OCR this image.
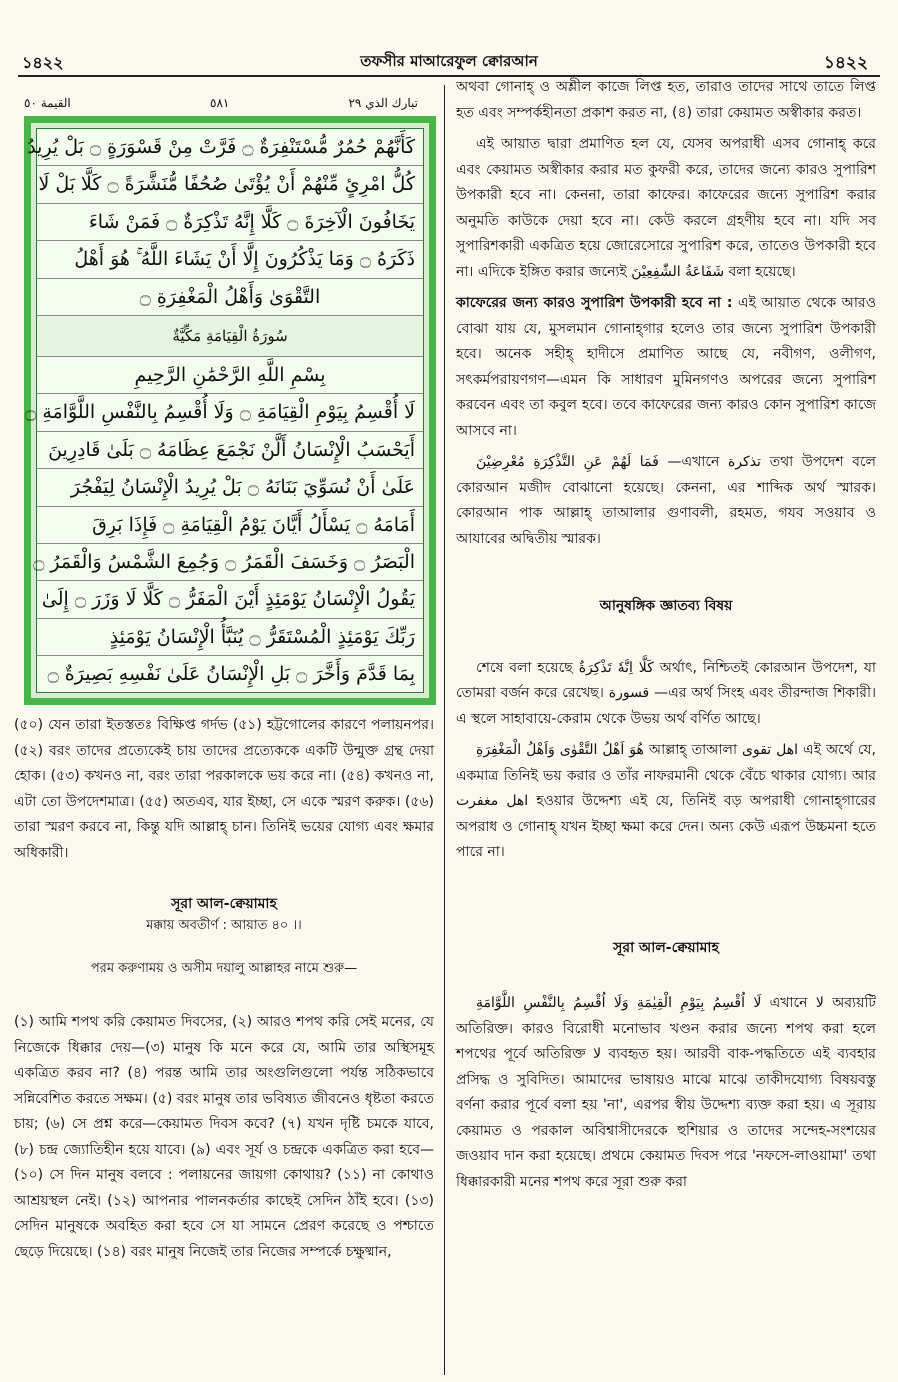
১৪২২	তফসীর মাআরেফুল ক্বোরআন	১৪২২
تبارك الذي ٢٩
٥٨١
القيمة ٥٠
كَأَنَّهُمْ حُمُرٌ مُّسْتَنْفِرَةٌ ۝ فَرَّتْ مِنْ قَسْوَرَةٍ ۝ بَلْ يُرِيدُ
كُلُّ امْرِئٍ مِّنْهُمْ أَنْ يُؤْتَىٰ صُحُفًا مُّنَشَّرَةً ۝ كَلَّا بَلْ لَا
يَخَافُونَ الْآخِرَةَ ۝ كَلَّا إِنَّهُ تَذْكِرَةٌ ۝ فَمَنْ شَاءَ
ذَكَرَهُ ۝ وَمَا يَذْكُرُونَ إِلَّا أَنْ يَشَاءَ اللَّهُ ۚ هُوَ أَهْلُ
التَّقْوَىٰ وَأَهْلُ الْمَغْفِرَةِ ۝
سُورَةُ الْقِيَامَةِ مَكِّيَّةٌ
بِسْمِ اللَّهِ الرَّحْمَٰنِ الرَّحِيمِ
لَا أُقْسِمُ بِيَوْمِ الْقِيَامَةِ ۝ وَلَا أُقْسِمُ بِالنَّفْسِ اللَّوَّامَةِ ۝
أَيَحْسَبُ الْإِنْسَانُ أَلَّنْ نَجْمَعَ عِظَامَهُ ۝ بَلَىٰ قَادِرِينَ
عَلَىٰ أَنْ نُسَوِّيَ بَنَانَهُ ۝ بَلْ يُرِيدُ الْإِنْسَانُ لِيَفْجُرَ
أَمَامَهُ ۝ يَسْأَلُ أَيَّانَ يَوْمُ الْقِيَامَةِ ۝ فَإِذَا بَرِقَ
الْبَصَرُ ۝ وَخَسَفَ الْقَمَرُ ۝ وَجُمِعَ الشَّمْسُ وَالْقَمَرُ ۝
يَقُولُ الْإِنْسَانُ يَوْمَئِذٍ أَيْنَ الْمَفَرُّ ۝ كَلَّا لَا وَزَرَ ۝ إِلَىٰ
رَبِّكَ يَوْمَئِذٍ الْمُسْتَقَرُّ ۝ يُنَبَّأُ الْإِنْسَانُ يَوْمَئِذٍ
بِمَا قَدَّمَ وَأَخَّرَ ۝ بَلِ الْإِنْسَانُ عَلَىٰ نَفْسِهِ بَصِيرَةٌ ۝

(৫০) যেন তারা ইতস্ততঃ বিক্ষিপ্ত গর্দভ (৫১) হট্টগোলের কারণে পলায়নপর। (৫২) বরং তাদের প্রত্যেকেই চায় তাদের প্রত্যেককে একটি উন্মুক্ত গ্রন্থ দেয়া হোক। (৫৩) কখনও না, বরং তারা পরকালকে ভয় করে না। (৫৪) কখনও না, এটা তো উপদেশমাত্র। (৫৫) অতএব, যার ইচ্ছা, সে একে স্মরণ করুক। (৫৬) তারা স্মরণ করবে না, কিন্তু যদি আল্লাহ্ চান। তিনিই ভয়ের যোগ্য এবং ক্ষমার অধিকারী।

সূরা আল-ক্বেয়ামাহ
মক্কায় অবতীর্ণ : আয়াত ৪০ ।।
পরম করুণাময় ও অসীম দয়ালু আল্লাহর নামে শুরু—

(১) আমি শপথ করি কেয়ামত দিবসের, (২) আরও শপথ করি সেই মনের, যে নিজেকে ধিক্কার দেয়—(৩) মানুষ কি মনে করে যে, আমি তার অস্থিসমূহ একত্রিত করব না? (৪) পরন্ত আমি তার অংগুলিগুলো পর্যন্ত সঠিকভাবে সন্নিবেশিত করতে সক্ষম। (৫) বরং মানুষ তার ভবিষ্যত জীবনেও ধৃষ্টতা করতে চায়; (৬) সে প্রশ্ন করে—কেয়ামত দিবস কবে? (৭) যখন দৃষ্টি চমকে যাবে, (৮) চন্দ্র জ্যোতিহীন হয়ে যাবে। (৯) এবং সূর্য ও চন্দ্রকে একত্রিত করা হবে—(১০) সে দিন মানুষ বলবে : পলায়নের জায়গা কোথায়? (১১) না কোথাও আশ্রয়স্থল নেই। (১২) আপনার পালনকর্তার কাছেই সেদিন ঠাঁই হবে। (১৩) সেদিন মানুষকে অবহিত করা হবে সে যা সামনে প্রেরণ করেছে ও পশ্চাতে ছেড়ে দিয়েছে। (১৪) বরং মানুষ নিজেই তার নিজের সম্পর্কে চক্ষুষ্মান,

অথবা গোনাহ্ ও অশ্লীল কাজে লিপ্ত হত, তারাও তাদের সাথে তাতে লিপ্ত হত এবং সম্পর্কহীনতা প্রকাশ করত না, (৪) তারা কেয়ামত অস্বীকার করত।

এই আয়াত দ্বারা প্রমাণিত হল যে, যেসব অপরাধী এসব গোনাহ্ করে এবং কেয়ামত অস্বীকার করার মত কুফরী করে, তাদের জন্যে কারও সুপারিশ উপকারী হবে না। কেননা, তারা কাফের। কাফেরের জন্যে সুপারিশ করার অনুমতি কাউকে দেয়া হবে না। কেউ করলে গ্রহণীয় হবে না। যদি সব সুপারিশকারী একত্রিত হয়ে জোরেসোরে সুপারিশ করে, তাতেও উপকারী হবে না। এদিকে ইঙ্গিত করার জন্যেই شَفَاعَةُ الشّٰفِعِيْنَ বলা হয়েছে।

কাফেরের জন্য কারও সুপারিশ উপকারী হবে না : এই আয়াত থেকে আরও বোঝা যায় যে, মুসলমান গোনাহ্গার হলেও তার জন্যে সুপারিশ উপকারী হবে। অনেক সহীহ্ হাদীসে প্রমাণিত আছে যে, নবীগণ, ওলীগণ, সৎকর্মপরায়ণগণ—এমন কি সাধারণ মুমিনগণও অপরের জন্যে সুপারিশ করবেন এবং তা কবুল হবে। তবে কাফেরের জন্য কারও কোন সুপারিশ কাজে আসবে না।

فَمَا لَهُمْ عَنِ التَّذْكِرَةِ مُعْرِضِيْنَ —এখানে تذكرة তথা উপদেশ বলে কোরআন মজীদ বোঝানো হয়েছে। কেননা, এর শাব্দিক অর্থ স্মারক। কোরআন পাক আল্লাহ্ তাআলার গুণাবলী, রহমত, গযব সওয়াব ও আযাবের অদ্বিতীয় স্মারক।

আনুষঙ্গিক জ্ঞাতব্য বিষয়

শেষে বলা হয়েছে كَلَّا اِنَّهٗ تَذْكِرَةٌ অর্থাৎ, নিশ্চিতই কোরআন উপদেশ, যা তোমরা বর্জন করে রেখেছ। قسورة —এর অর্থ সিংহ এবং তীরন্দাজ শিকারী। এ স্থলে সাহাবায়ে-কেরাম থেকে উভয় অর্থ বর্ণিত আছে।

هُوَ اَهْلُ التَّقْوٰى وَاَهْلُ الْمَغْفِرَةِ আল্লাহ্ তাআলা اهل تقوى এই অর্থে যে, একমাত্র তিনিই ভয় করার ও তাঁর নাফরমানী থেকে বেঁচে থাকার যোগ্য। আর اهل مغفرت হওয়ার উদ্দেশ্য এই যে, তিনিই বড় অপরাধী গোনাহ্গারের অপরাধ ও গোনাহ্ যখন ইচ্ছা ক্ষমা করে দেন। অন্য কেউ এরূপ উচ্চমনা হতে পারে না।

সূরা আল-ক্বেয়ামাহ

لَا اُقْسِمُ بِيَوْمِ الْقِيٰمَةِ وَلَا اُقْسِمُ بِالنَّفْسِ اللَّوَّامَةِ এখানে لا অব্যয়টি অতিরিক্ত। কারও বিরোধী মনোভাব খণ্ডন করার জন্যে শপথ করা হলে শপথের পূর্বে অতিরিক্ত لا ব্যবহৃত হয়। আরবী বাক-পদ্ধতিতে এই ব্যবহার প্রসিদ্ধ ও সুবিদিত। আমাদের ভাষায়ও মাঝে মাঝে তাকীদযোগ্য বিষয়বস্তু বর্ণনা করার পূর্বে বলা হয় 'না', এরপর স্বীয় উদ্দেশ্য ব্যক্ত করা হয়। এ সূরায় কেয়ামত ও পরকাল অবিশ্বাসীদেরকে হুশিয়ার ও তাদের সন্দেহ-সংশয়ের জওয়াব দান করা হয়েছে। প্রথমে কেয়ামত দিবস পরে 'নফসে-লাওয়ামা' তথা ধিক্কারকারী মনের শপথ করে সূরা শুরু করা
